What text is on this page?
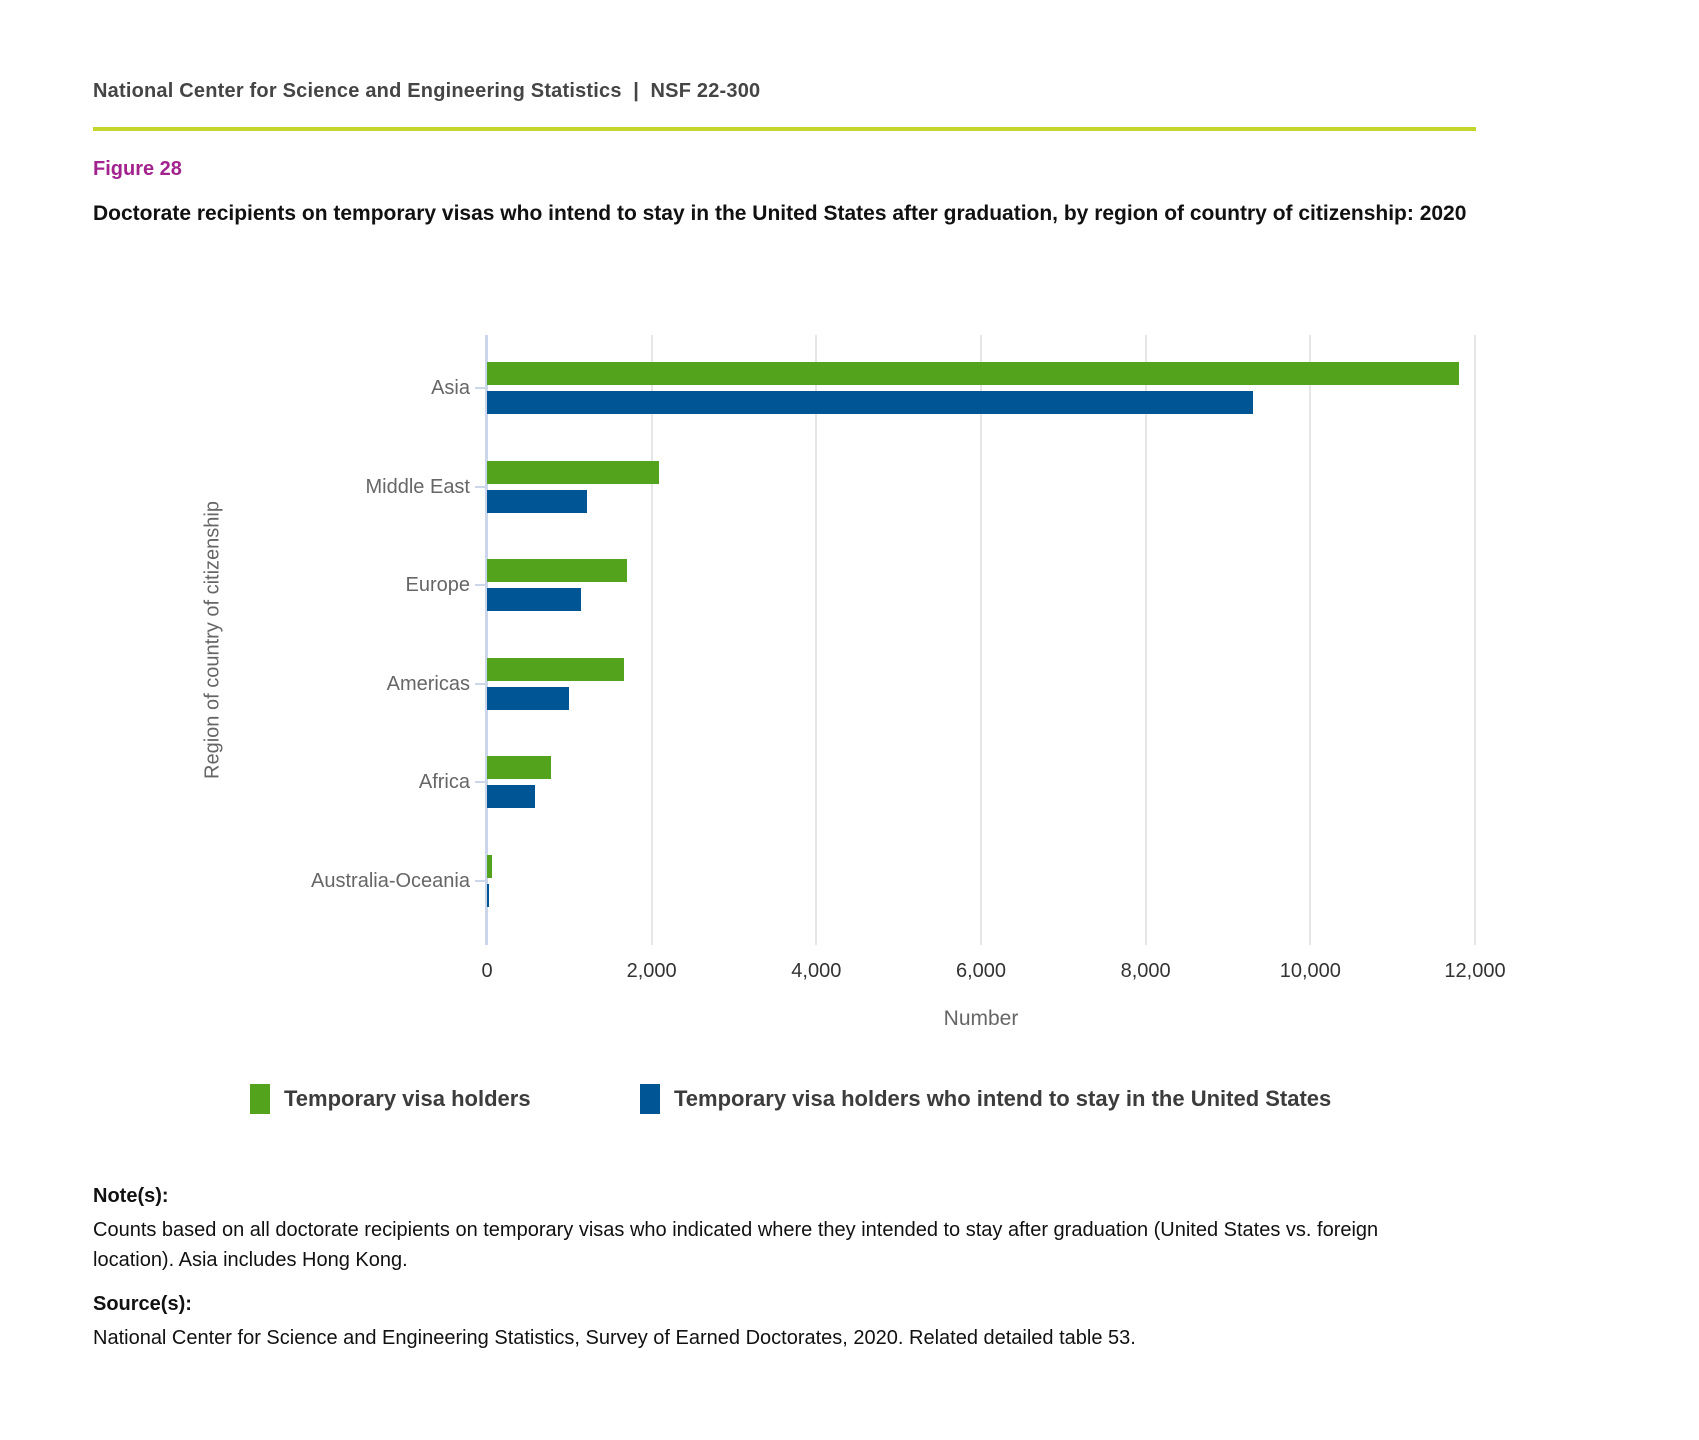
National Center for Science and Engineering Statistics  |  NSF 22-300
Figure 28
Doctorate recipients on temporary visas who intend to stay in the United States after graduation, by region of country of citizenship: 2020
0	2,000	4,000	6,000	8,000	10,000	12,000
Asia
Middle East
Europe
Americas
Africa
Australia-Oceania
Number
Region of country of citizenship
Temporary visa holders	Temporary visa holders who intend to stay in the United States
Note(s):
Counts based on all doctorate recipients on temporary visas who indicated where they intended to stay after graduation (United States vs. foreign location). Asia includes Hong Kong.
Source(s):
National Center for Science and Engineering Statistics, Survey of Earned Doctorates, 2020. Related detailed table 53.
